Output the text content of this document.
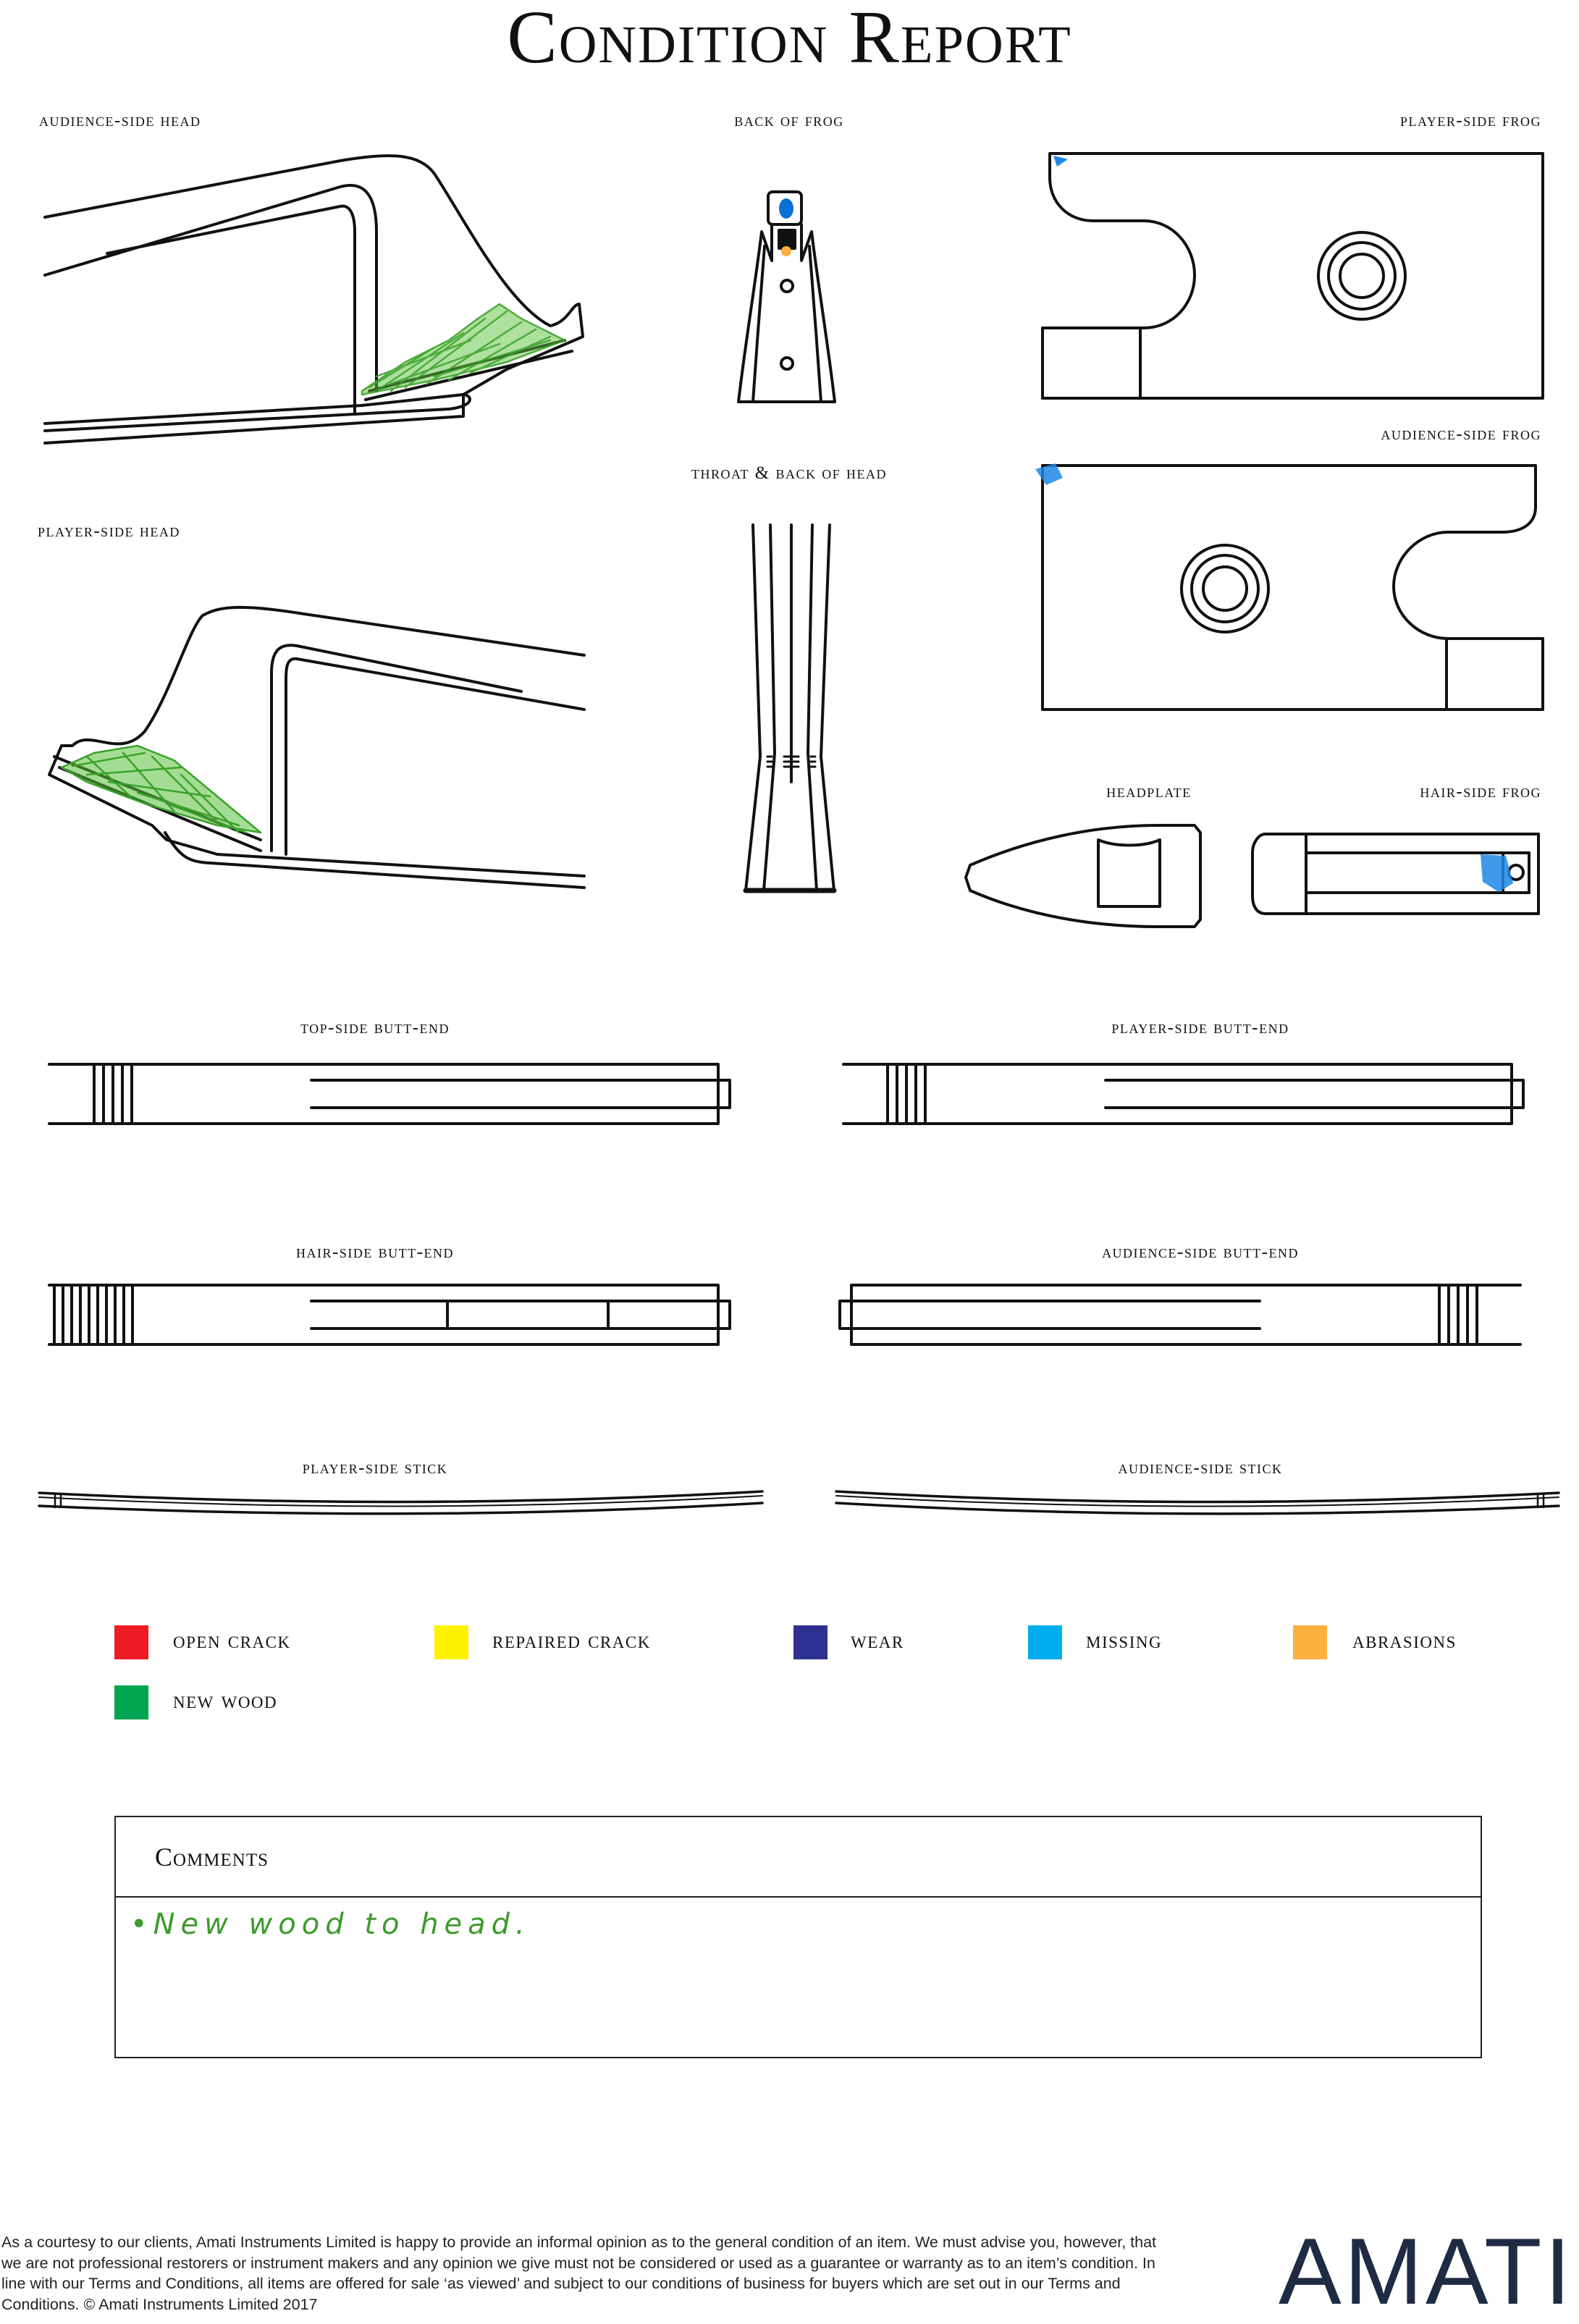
Condition Report
audience-side head	back of frog	player-side frog
audience-side frog
throat & back of head
player-side head
headplate	hair-side frog
top-side butt-end	player-side butt-end
hair-side butt-end	audience-side butt-end
player-side stick	audience-side stick
open crack	repaired crack	wear	missing	abrasions
new wood
Comments
•New wood to head.
As a courtesy to our clients, Amati Instruments Limited is happy to provide an informal opinion as to the general condition of an item. We must advise you, however, that we are not professional restorers or instrument makers and any opinion we give must not be considered or used as a guarantee or warranty as to an item’s condition. In line with our Terms and Conditions, all items are offered for sale ‘as viewed’ and subject to our conditions of business for buyers which are set out in our Terms and Conditions. © Amati Instruments Limited 2017	AMATI
